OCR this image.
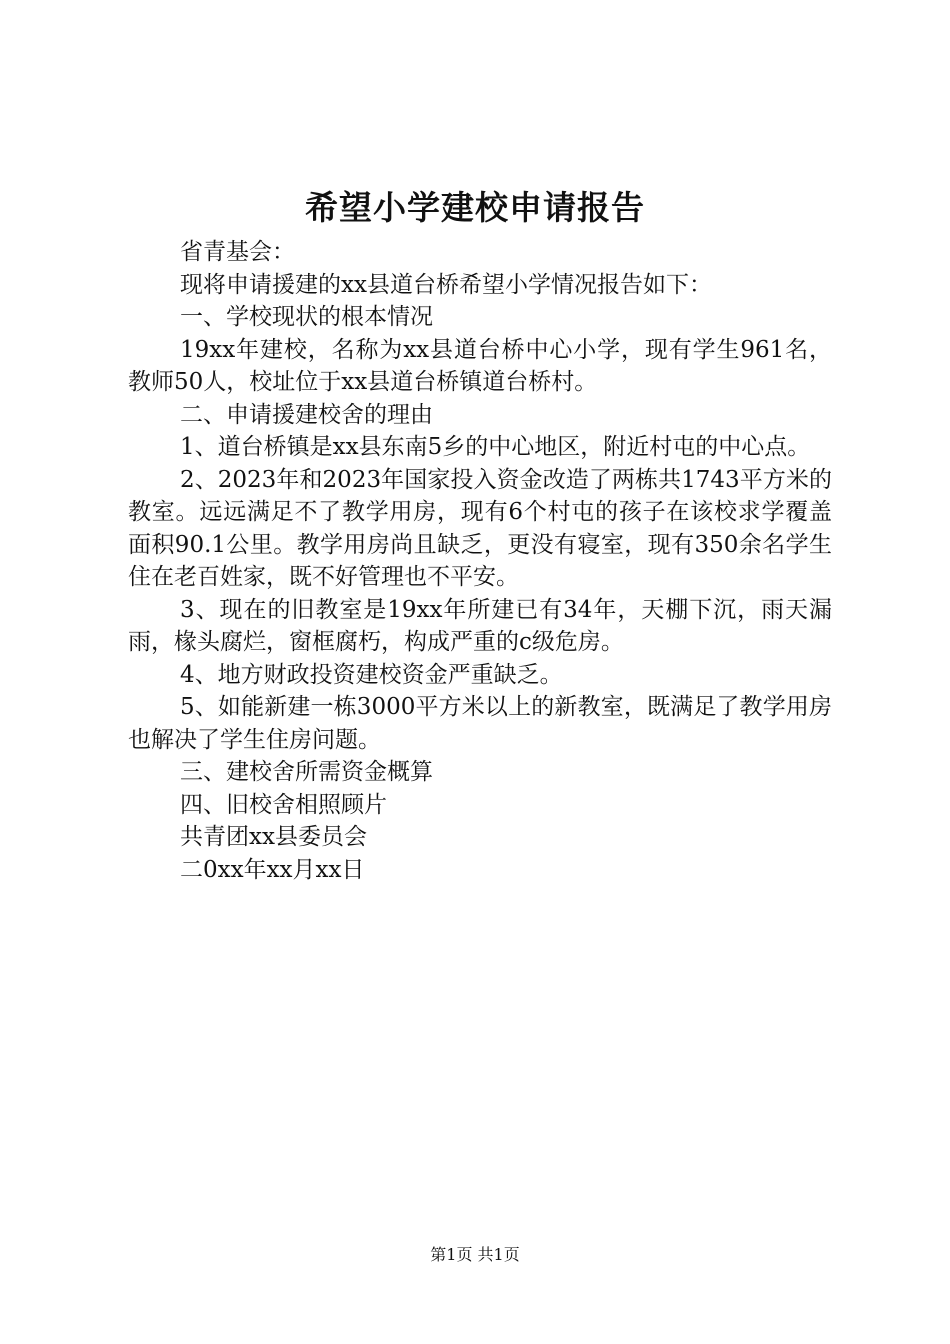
希望小学建校申请报告

省青基会：

现将申请援建的xx县道台桥希望小学情况报告如下：

一、学校现状的根本情况

19xx年建校，名称为xx县道台桥中心小学，现有学生961名，教师50人，校址位于xx县道台桥镇道台桥村。

二、申请援建校舍的理由

1、道台桥镇是xx县东南5乡的中心地区，附近村屯的中心点。

2、2023年和2023年国家投入资金改造了两栋共1743平方米的教室。远远满足不了教学用房，现有6个村屯的孩子在该校求学覆盖面积90.1公里。教学用房尚且缺乏，更没有寝室，现有350余名学生住在老百姓家，既不好管理也不平安。

3、现在的旧教室是19xx年所建已有34年，天棚下沉，雨天漏雨，椽头腐烂，窗框腐朽，构成严重的c级危房。

4、地方财政投资建校资金严重缺乏。

5、如能新建一栋3000平方米以上的新教室，既满足了教学用房也解决了学生住房问题。

三、建校舍所需资金概算

四、旧校舍相照顾片

共青团xx县委员会

二0xx年xx月xx日

第1页 共1页
